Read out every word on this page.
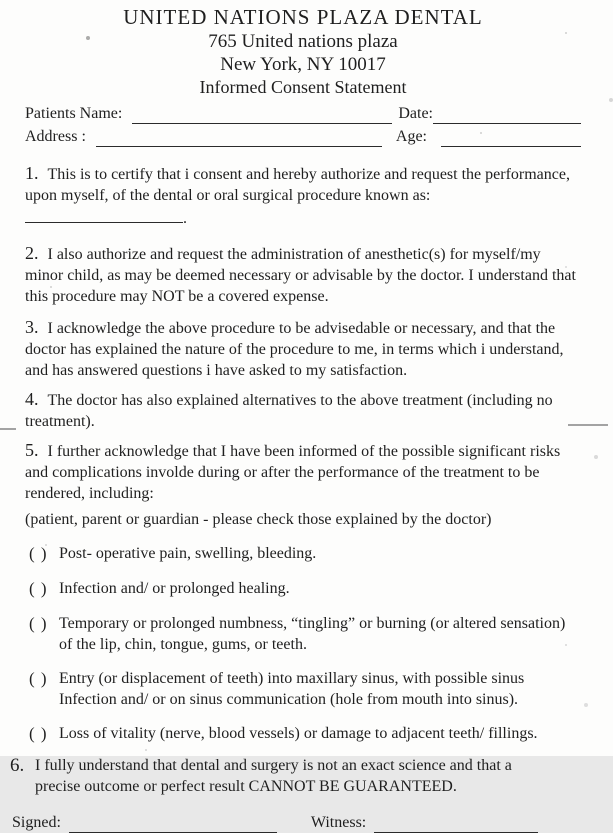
UNITED NATIONS PLAZA DENTAL
765 United nations plaza
New York, NY 10017
Informed Consent Statement
Patients Name:	Date:
Address :	Age:

1. This is to certify that i consent and hereby authorize and request the performance, upon myself, of the dental or oral surgical procedure known as:.

2. I also authorize and request the administration of anesthetic(s) for myself/my minor child, as may be deemed necessary or advisable by the doctor. I understand that this procedure may NOT be a covered expense.

3. I acknowledge the above procedure to be advisedable or necessary, and that the doctor has explained the nature of the procedure to me, in terms which i understand, and has answered questions i have asked to my satisfaction.

4. The doctor has also explained alternatives to the above treatment (including no treatment).

5. I further acknowledge that I have been informed of the possible significant risks and complications involde during or after the performance of the treatment to be rendered, including:

(patient, parent or guardian - please check those explained by the doctor)

( ) Post- operative pain, swelling, bleeding.
( ) Infection and/ or prolonged healing.
( ) Temporary or prolonged numbness, “tingling” or burning (or altered sensation) of the lip, chin, tongue, gums, or teeth.
( ) Entry (or displacement of teeth) into maxillary sinus, with possible sinus Infection and/ or on sinus communication (hole from mouth into sinus).
( ) Loss of vitality (nerve, blood vessels) or damage to adjacent teeth/ fillings.
6. I fully understand that dental and surgery is not an exact science and that a precise outcome or perfect result CANNOT BE GUARANTEED.
Signed:	Witness:
